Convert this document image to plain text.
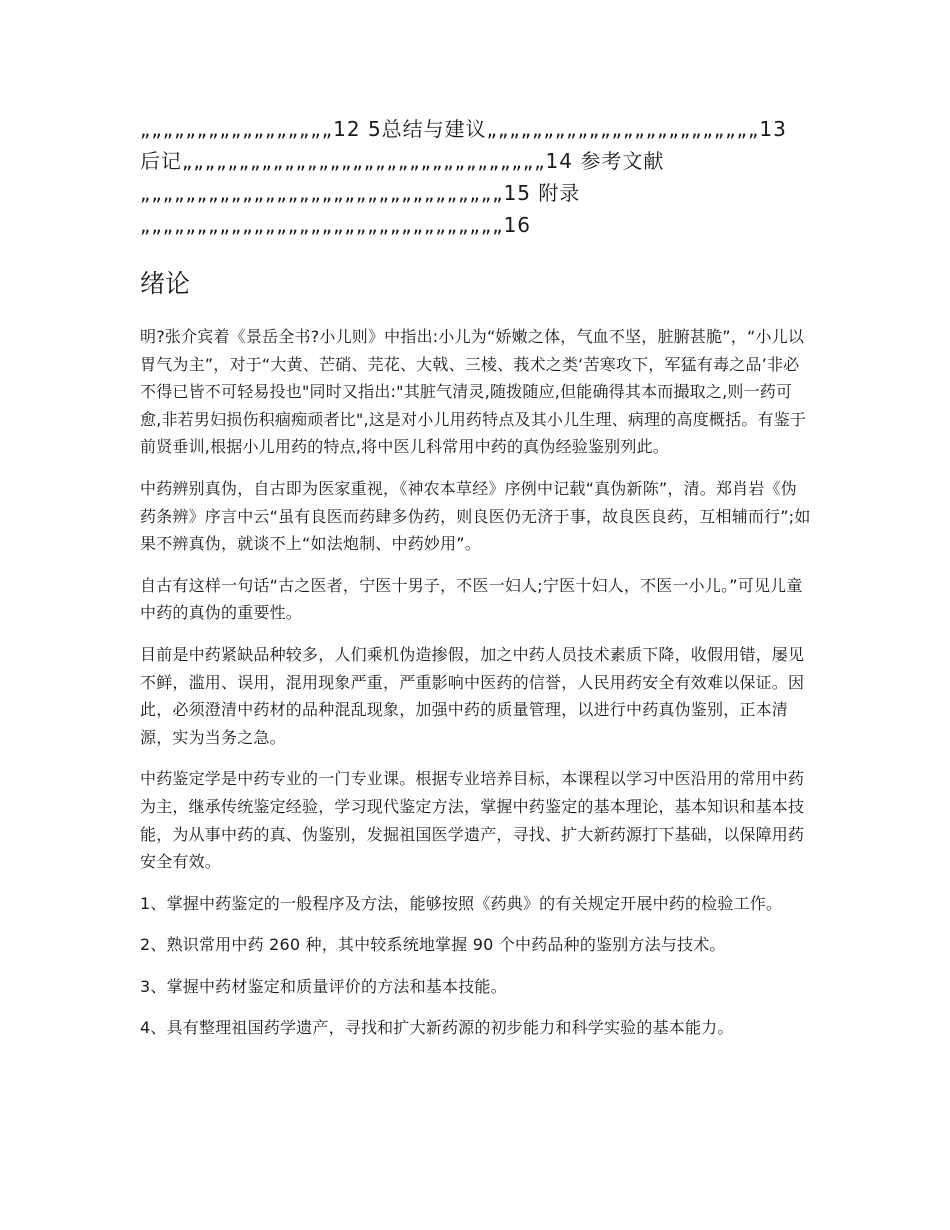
„„„„„„„„„„„„„„„„„12 5总结与建议„„„„„„„„„„„„„„„„„„„„„„„„13 后记„„„„„„„„„„„„„„„„„„„„„„„„„„„„„„„„14 参考文献„„„„„„„„„„„„„„„„„„„„„„„„„„„„„„„„15 附录„„„„„„„„„„„„„„„„„„„„„„„„„„„„„„„„16
绪论

明?张介宾着《景岳全书?小儿则》中指出:小儿为“娇嫩之体，气血不坚，脏腑甚脆”，“小儿以胃气为主”，对于“大黄、芒硝、芫花、大戟、三棱、莪术之类‘苦寒攻下，军猛有毒之品’非必不得已皆不可轻易投也"同时又指出:"其脏气清灵,随拨随应,但能确得其本而撮取之,则一药可愈,非若男妇损伤积痼痴顽者比",这是对小儿用药特点及其小儿生理、病理的高度概括。有鉴于前贤垂训,根据小儿用药的特点,将中医儿科常用中药的真伪经验鉴别列此。

中药辨别真伪，自古即为医家重视，《神农本草经》序例中记载“真伪新陈”，清。郑肖岩《伪药条辨》序言中云“虽有良医而药肆多伪药，则良医仍无济于事，故良医良药，互相辅而行”;如果不辨真伪，就谈不上“如法炮制、中药妙用”。

自古有这样一句话“古之医者，宁医十男子，不医一妇人;宁医十妇人，不医一小儿。”可见儿童中药的真伪的重要性。

目前是中药紧缺品种较多，人们乘机伪造掺假，加之中药人员技术素质下降，收假用错，屡见不鲜，滥用、误用，混用现象严重，严重影响中医药的信誉，人民用药安全有效难以保证。因此，必须澄清中药材的品种混乱现象，加强中药的质量管理，以进行中药真伪鉴别，正本清源，实为当务之急。

中药鉴定学是中药专业的一门专业课。根据专业培养目标，本课程以学习中医沿用的常用中药为主，继承传统鉴定经验，学习现代鉴定方法，掌握中药鉴定的基本理论，基本知识和基本技能，为从事中药的真、伪鉴别，发掘祖国医学遗产，寻找、扩大新药源打下基础，以保障用药安全有效。

1、掌握中药鉴定的一般程序及方法，能够按照《药典》的有关规定开展中药的检验工作。

2、熟识常用中药 260 种，其中较系统地掌握 90 个中药品种的鉴别方法与技术。

3、掌握中药材鉴定和质量评价的方法和基本技能。

4、具有整理祖国药学遗产，寻找和扩大新药源的初步能力和科学实验的基本能力。
